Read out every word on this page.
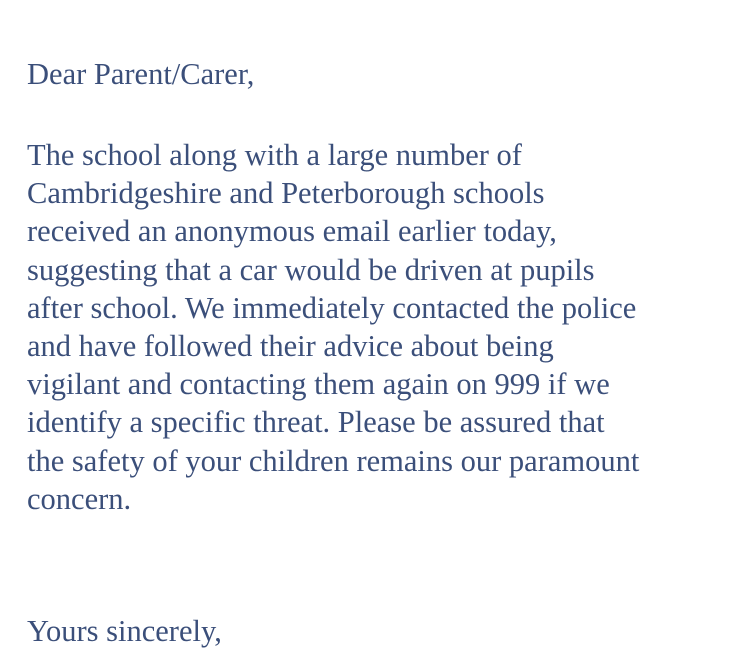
Dear Parent/Carer,

The school along with a large number of
Cambridgeshire and Peterborough schools
received an anonymous email earlier today,
suggesting that a car would be driven at pupils
after school. We immediately contacted the police
and have followed their advice about being
vigilant and contacting them again on 999 if we
identify a specific threat. Please be assured that
the safety of your children remains our paramount
concern.

Yours sincerely,
